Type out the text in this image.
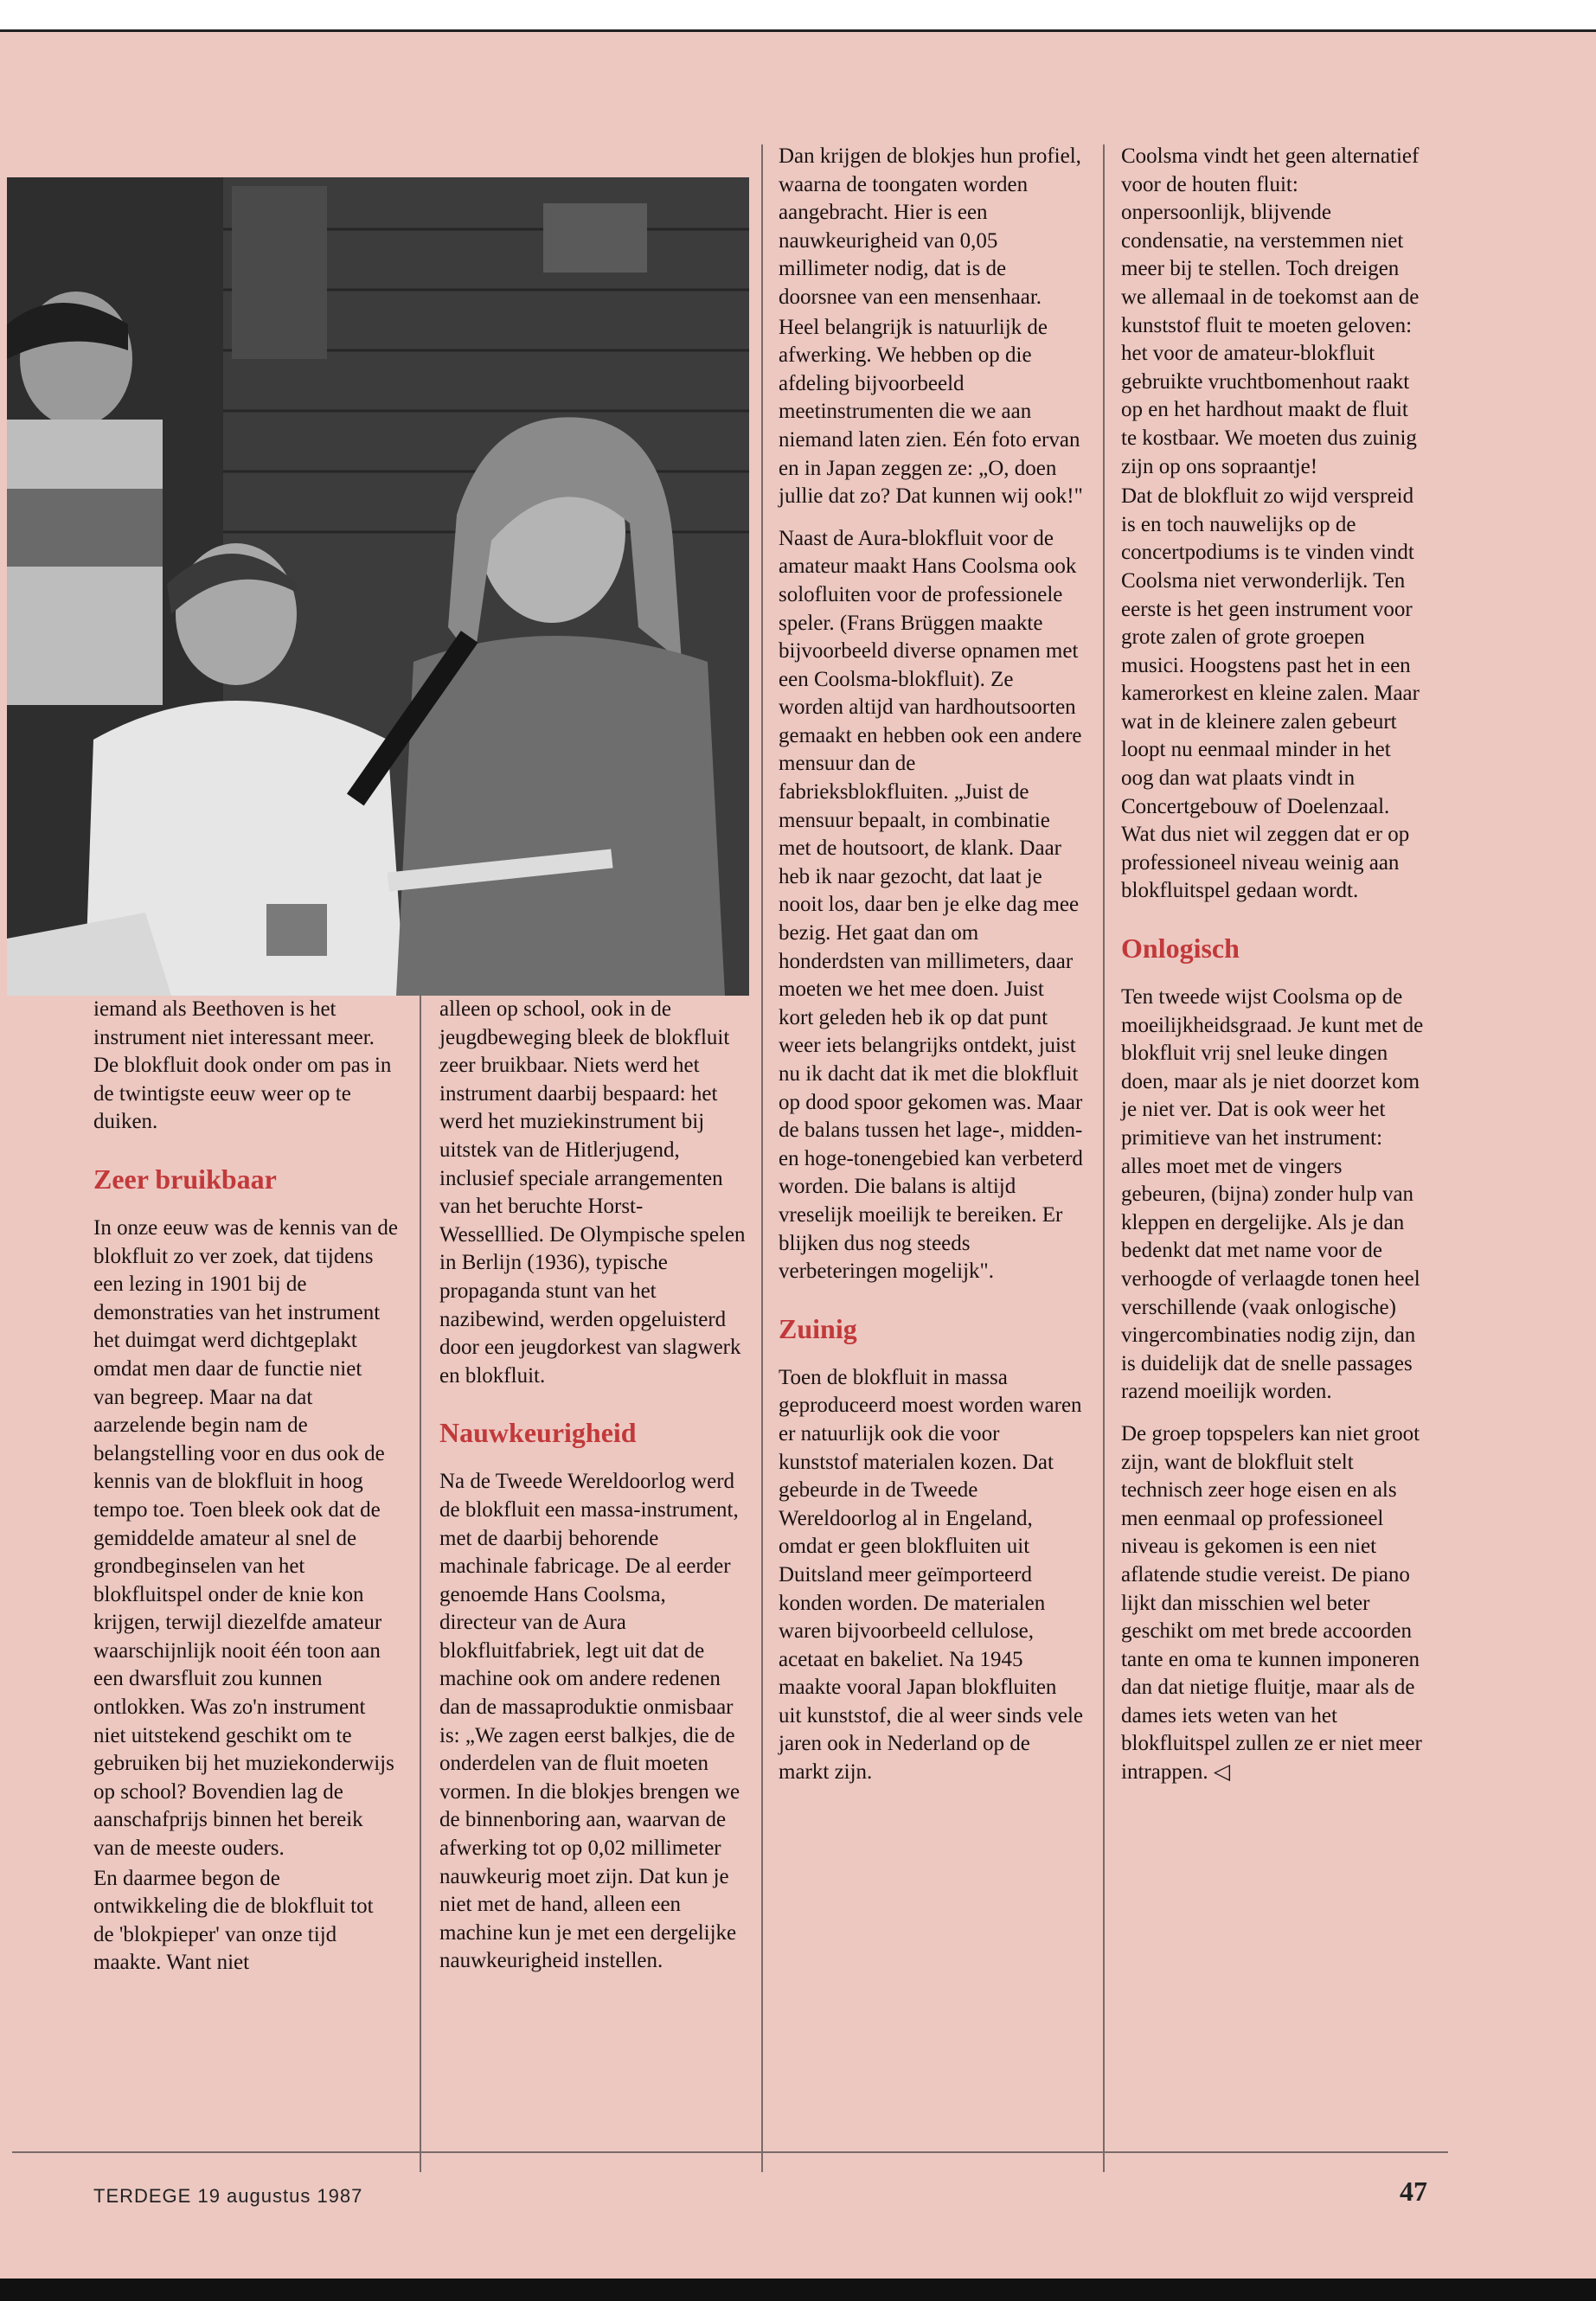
iemand als Beethoven is het instrument niet interessant meer. De blokfluit dook onder om pas in de twintigste eeuw weer op te duiken.

Zeer bruikbaar

In onze eeuw was de kennis van de blokfluit zo ver zoek, dat tijdens een lezing in 1901 bij de demonstraties van het instrument het duimgat werd dichtgeplakt omdat men daar de functie niet van begreep. Maar na dat aarzelende begin nam de belangstelling voor en dus ook de kennis van de blokfluit in hoog tempo toe. Toen bleek ook dat de gemiddelde amateur al snel de grondbeginselen van het blokfluitspel onder de knie kon krijgen, terwijl diezelfde amateur waarschijnlijk nooit één toon aan een dwarsfluit zou kunnen ontlokken. Was zo'n instrument niet uitstekend geschikt om te gebruiken bij het muziekonderwijs op school? Bovendien lag de aanschafprijs binnen het bereik van de meeste ouders.

En daarmee begon de ontwikkeling die de blokfluit tot de 'blokpieper' van onze tijd maakte. Want niet

alleen op school, ook in de jeugdbeweging bleek de blokfluit zeer bruikbaar. Niets werd het instrument daarbij bespaard: het werd het muziekinstrument bij uitstek van de Hitlerjugend, inclusief speciale arrangementen van het beruchte Horst-Wesselllied. De Olympische spelen in Berlijn (1936), typische propaganda stunt van het nazibewind, werden opgeluisterd door een jeugdorkest van slagwerk en blokfluit.

Nauwkeurigheid

Na de Tweede Wereldoorlog werd de blokfluit een massa-instrument, met de daarbij behorende machinale fabricage. De al eerder genoemde Hans Coolsma, directeur van de Aura blokfluitfabriek, legt uit dat de machine ook om andere redenen dan de massaproduktie onmisbaar is: „We zagen eerst balkjes, die de onderdelen van de fluit moeten vormen. In die blokjes brengen we de binnenboring aan, waarvan de afwerking tot op 0,02 millimeter nauwkeurig moet zijn. Dat kun je niet met de hand, alleen een machine kun je met een dergelijke nauwkeurigheid instellen.

Dan krijgen de blokjes hun profiel, waarna de toongaten worden aangebracht. Hier is een nauwkeurigheid van 0,05 millimeter nodig, dat is de doorsnee van een mensenhaar.

Heel belangrijk is natuurlijk de afwerking. We hebben op die afdeling bijvoorbeeld meetinstrumenten die we aan niemand laten zien. Eén foto ervan en in Japan zeggen ze: „O, doen jullie dat zo? Dat kunnen wij ook!"

Naast de Aura-blokfluit voor de amateur maakt Hans Coolsma ook solofluiten voor de professionele speler. (Frans Brüggen maakte bijvoorbeeld diverse opnamen met een Coolsma-blokfluit). Ze worden altijd van hardhoutsoorten gemaakt en hebben ook een andere mensuur dan de fabrieksblokfluiten. „Juist de mensuur bepaalt, in combinatie met de houtsoort, de klank. Daar heb ik naar gezocht, dat laat je nooit los, daar ben je elke dag mee bezig. Het gaat dan om honderdsten van millimeters, daar moeten we het mee doen. Juist kort geleden heb ik op dat punt weer iets belangrijks ontdekt, juist nu ik dacht dat ik met die blokfluit op dood spoor gekomen was. Maar de balans tussen het lage-, midden- en hoge-tonengebied kan verbeterd worden. Die balans is altijd vreselijk moeilijk te bereiken. Er blijken dus nog steeds verbeteringen mogelijk".

Zuinig

Toen de blokfluit in massa geproduceerd moest worden waren er natuurlijk ook die voor kunststof materialen kozen. Dat gebeurde in de Tweede Wereldoorlog al in Engeland, omdat er geen blokfluiten uit Duitsland meer geïmporteerd konden worden. De materialen waren bijvoorbeeld cellulose, acetaat en bakeliet. Na 1945 maakte vooral Japan blokfluiten uit kunststof, die al weer sinds vele jaren ook in Nederland op de markt zijn.

Coolsma vindt het geen alternatief voor de houten fluit: onpersoonlijk, blijvende condensatie, na verstemmen niet meer bij te stellen. Toch dreigen we allemaal in de toekomst aan de kunststof fluit te moeten geloven: het voor de amateur-blokfluit gebruikte vruchtbomenhout raakt op en het hardhout maakt de fluit te kostbaar. We moeten dus zuinig zijn op ons sopraantje!

Dat de blokfluit zo wijd verspreid is en toch nauwelijks op de concertpodiums is te vinden vindt Coolsma niet verwonderlijk. Ten eerste is het geen instrument voor grote zalen of grote groepen musici. Hoogstens past het in een kamerorkest en kleine zalen. Maar wat in de kleinere zalen gebeurt loopt nu eenmaal minder in het oog dan wat plaats vindt in Concertgebouw of Doelenzaal. Wat dus niet wil zeggen dat er op professioneel niveau weinig aan blokfluitspel gedaan wordt.

Onlogisch

Ten tweede wijst Coolsma op de moeilijkheidsgraad. Je kunt met de blokfluit vrij snel leuke dingen doen, maar als je niet doorzet kom je niet ver. Dat is ook weer het primitieve van het instrument: alles moet met de vingers gebeuren, (bijna) zonder hulp van kleppen en dergelijke. Als je dan bedenkt dat met name voor de verhoogde of verlaagde tonen heel verschillende (vaak onlogische) vingercombinaties nodig zijn, dan is duidelijk dat de snelle passages razend moeilijk worden.

De groep topspelers kan niet groot zijn, want de blokfluit stelt technisch zeer hoge eisen en als men eenmaal op professioneel niveau is gekomen is een niet aflatende studie vereist. De piano lijkt dan misschien wel beter geschikt om met brede accoorden tante en oma te kunnen imponeren dan dat nietige fluitje, maar als de dames iets weten van het blokfluitspel zullen ze er niet meer intrappen. ◁

TERDEGE 19 augustus 1987	47
